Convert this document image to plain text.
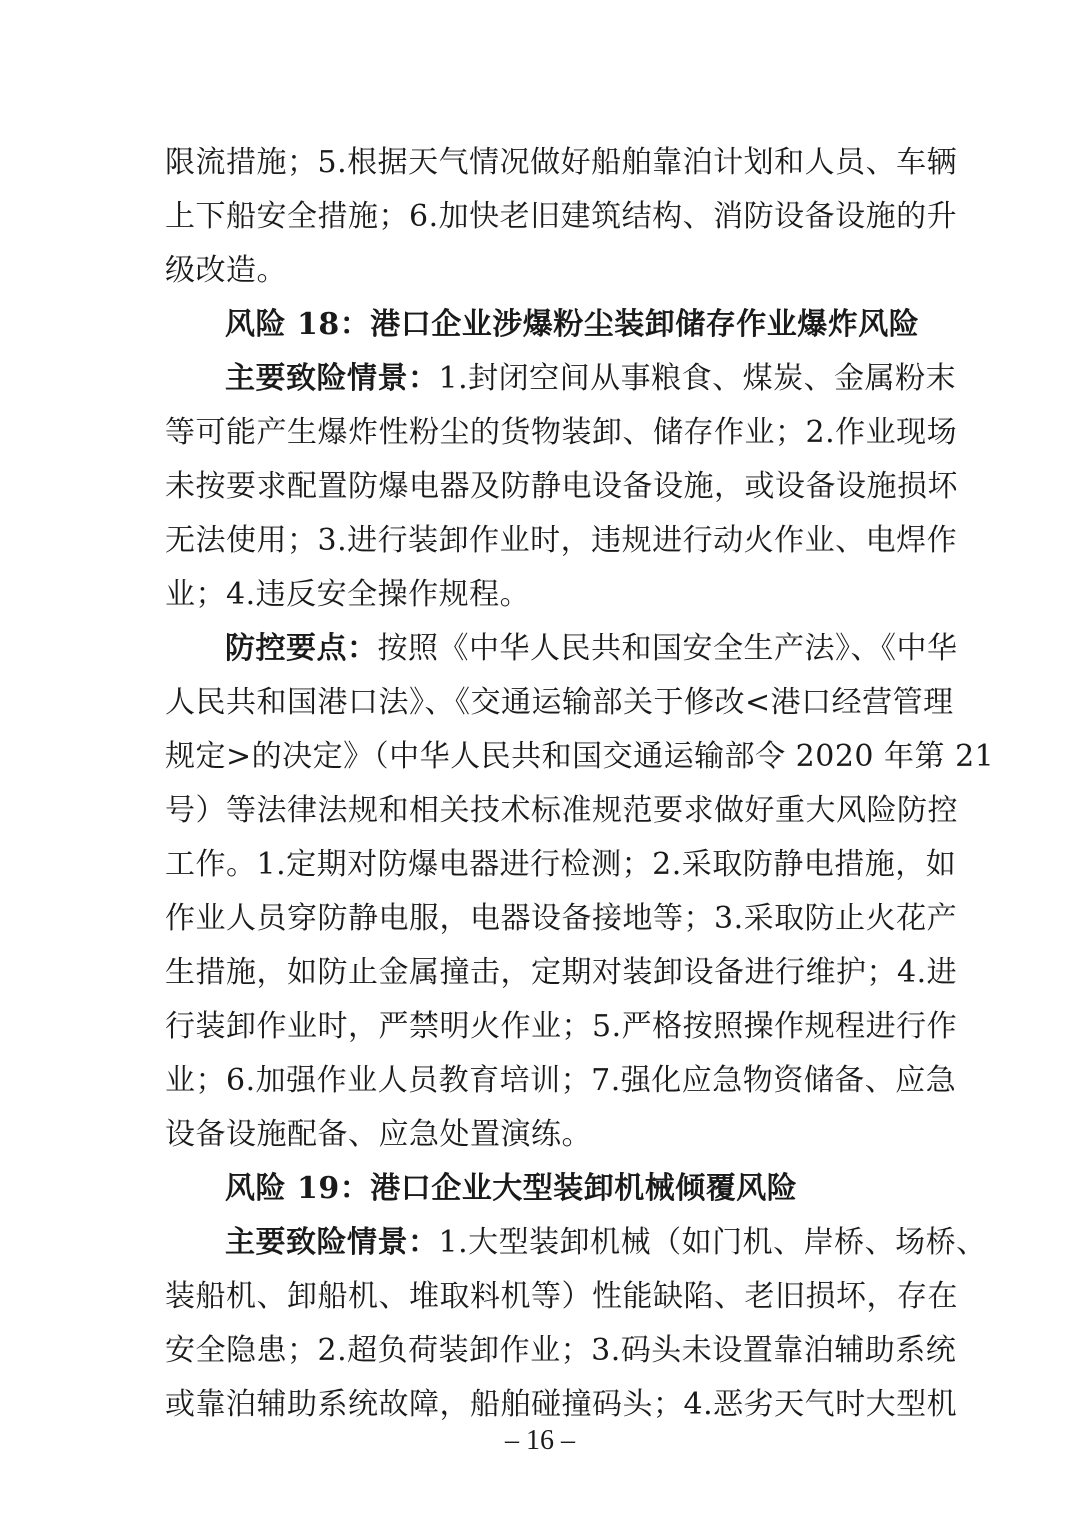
限流措施；5.根据天气情况做好船舶靠泊计划和人员、车辆
上下船安全措施；6.加快老旧建筑结构、消防设备设施的升
级改造。
风险 18：港口企业涉爆粉尘装卸储存作业爆炸风险
主要致险情景：1.封闭空间从事粮食、煤炭、金属粉末
等可能产生爆炸性粉尘的货物装卸、储存作业；2.作业现场
未按要求配置防爆电器及防静电设备设施，或设备设施损坏
无法使用；3.进行装卸作业时，违规进行动火作业、电焊作
业；4.违反安全操作规程。
防控要点：按照《中华人民共和国安全生产法》、《中华
人民共和国港口法》、《交通运输部关于修改<港口经营管理
规定>的决定》（中华人民共和国交通运输部令 2020 年第 21
号）等法律法规和相关技术标准规范要求做好重大风险防控
工作。1.定期对防爆电器进行检测；2.采取防静电措施，如
作业人员穿防静电服，电器设备接地等；3.采取防止火花产
生措施，如防止金属撞击，定期对装卸设备进行维护；4.进
行装卸作业时，严禁明火作业；5.严格按照操作规程进行作
业；6.加强作业人员教育培训；7.强化应急物资储备、应急
设备设施配备、应急处置演练。
风险 19：港口企业大型装卸机械倾覆风险
主要致险情景：1.大型装卸机械（如门机、岸桥、场桥、
装船机、卸船机、堆取料机等）性能缺陷、老旧损坏，存在
安全隐患；2.超负荷装卸作业；3.码头未设置靠泊辅助系统
或靠泊辅助系统故障，船舶碰撞码头；4.恶劣天气时大型机
– 16 –
